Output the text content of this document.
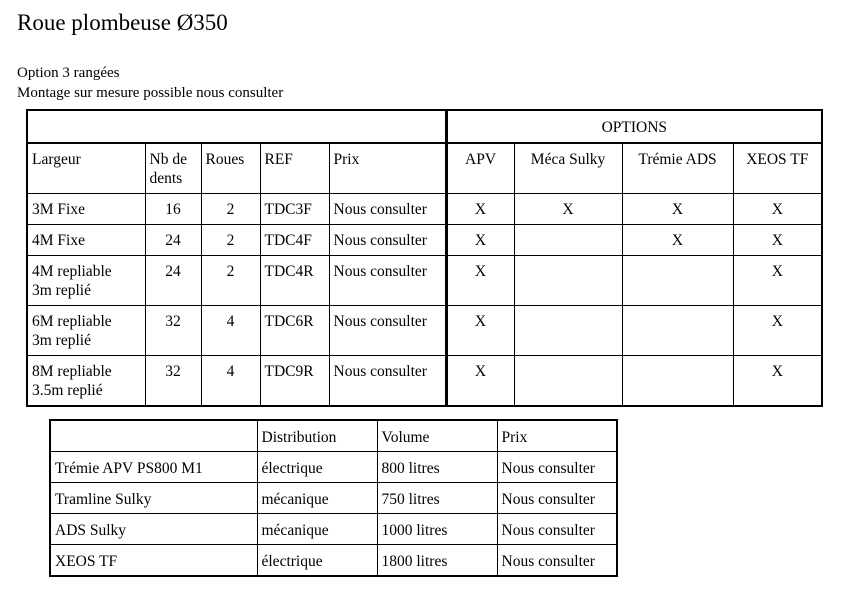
Roue plombeuse Ø350
Option 3 rangées
Montage sur mesure possible nous consulter
					OPTIONS			
Largeur	Nb de dents	Roues	REF	Prix	APV	Méca Sulky	Trémie ADS	XEOS TF
3M Fixe	16	2	TDC3F	Nous consulter	X	X	X	X
4M Fixe	24	2	TDC4F	Nous consulter	X		X	X
4M repliable
3m replié	24	2	TDC4R	Nous consulter	X			X
6M repliable
3m replié	32	4	TDC6R	Nous consulter	X			X
8M repliable
3.5m replié	32	4	TDC9R	Nous consulter	X			X
	Distribution	Volume	Prix
Trémie APV PS800 M1	électrique	800 litres	Nous consulter
Tramline Sulky	mécanique	750 litres	Nous consulter
ADS Sulky	mécanique	1000 litres	Nous consulter
XEOS TF	électrique	1800 litres	Nous consulter
